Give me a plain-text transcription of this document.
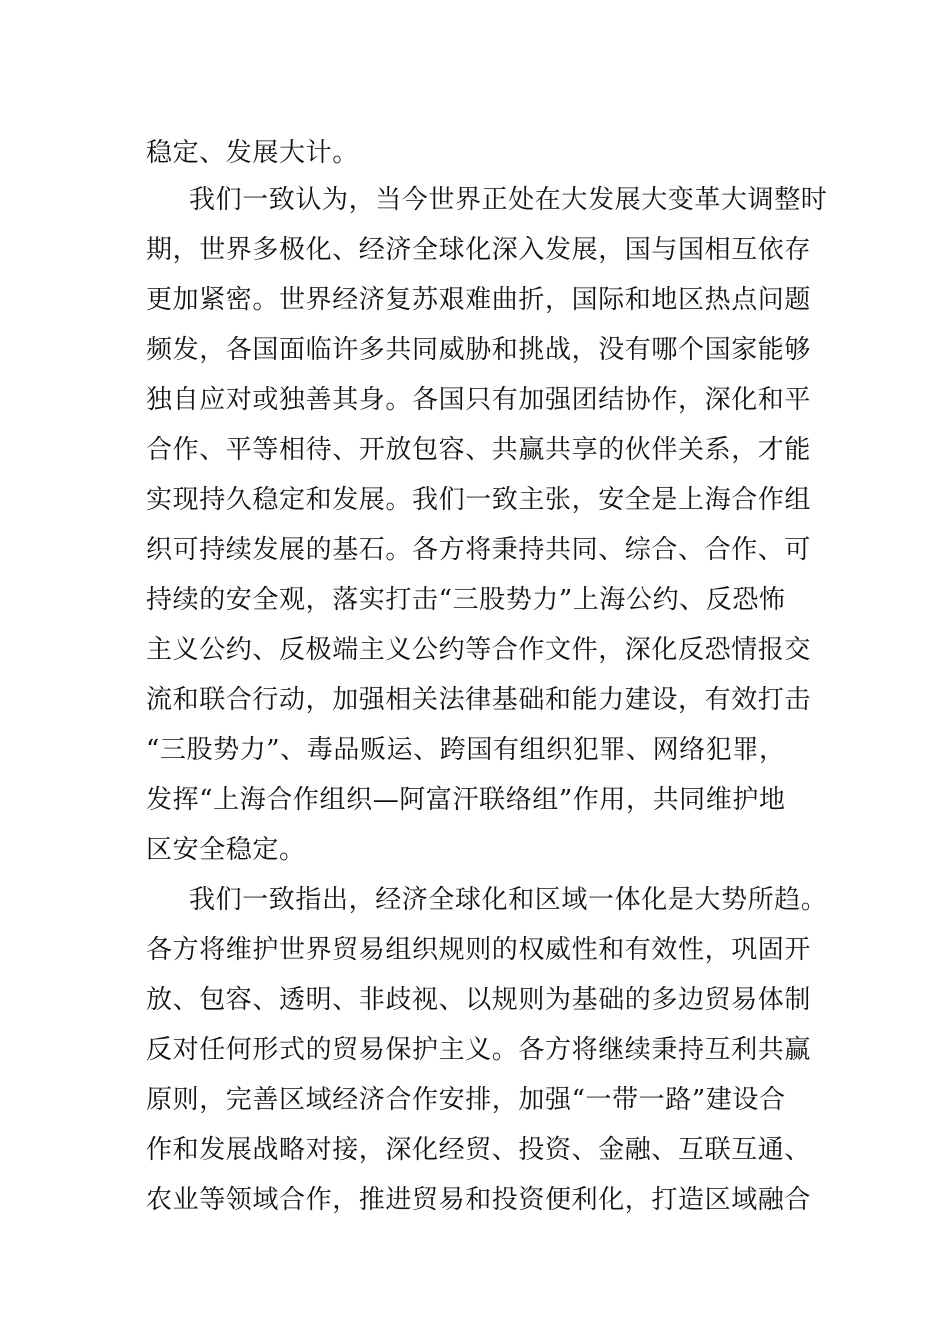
稳定、发展大计。
我们一致认为，当今世界正处在大发展大变革大调整时
期，世界多极化、经济全球化深入发展，国与国相互依存
更加紧密。世界经济复苏艰难曲折，国际和地区热点问题
频发，各国面临许多共同威胁和挑战，没有哪个国家能够
独自应对或独善其身。各国只有加强团结协作，深化和平
合作、平等相待、开放包容、共赢共享的伙伴关系，才能
实现持久稳定和发展。我们一致主张，安全是上海合作组
织可持续发展的基石。各方将秉持共同、综合、合作、可
持续的安全观，落实打击“三股势力”上海公约、反恐怖
主义公约、反极端主义公约等合作文件，深化反恐情报交
流和联合行动，加强相关法律基础和能力建设，有效打击
“三股势力”、毒品贩运、跨国有组织犯罪、网络犯罪，
发挥“上海合作组织—阿富汗联络组”作用，共同维护地
区安全稳定。
我们一致指出，经济全球化和区域一体化是大势所趋。
各方将维护世界贸易组织规则的权威性和有效性，巩固开
放、包容、透明、非歧视、以规则为基础的多边贸易体制
反对任何形式的贸易保护主义。各方将继续秉持互利共赢
原则，完善区域经济合作安排，加强“一带一路”建设合
作和发展战略对接，深化经贸、投资、金融、互联互通、
农业等领域合作，推进贸易和投资便利化，打造区域融合
